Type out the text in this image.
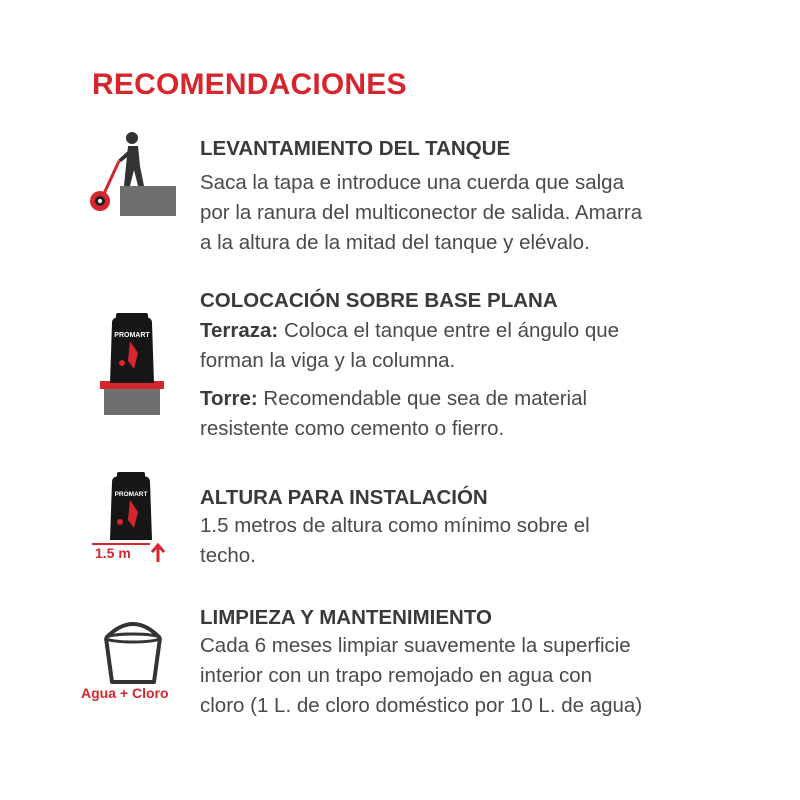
RECOMENDACIONES
LEVANTAMIENTO DEL TANQUE

Saca la tapa e introduce una cuerda que salga
por la ranura del multiconector de salida. Amarra
a la altura de la mitad del tanque y elévalo.

PROMART
COLOCACIÓN SOBRE BASE PLANA

Terraza: Coloca el tanque entre el ángulo que
forman la viga y la columna.

Torre: Recomendable que sea de material
resistente como cemento o fierro.

PROMART
1.5 m
ALTURA PARA INSTALACIÓN

1.5 metros de altura como mínimo sobre el
techo.

Agua + Cloro
LIMPIEZA Y MANTENIMIENTO

Cada 6 meses limpiar suavemente la superficie
interior con un trapo remojado en agua con
cloro (1 L. de cloro doméstico por 10 L. de agua)
